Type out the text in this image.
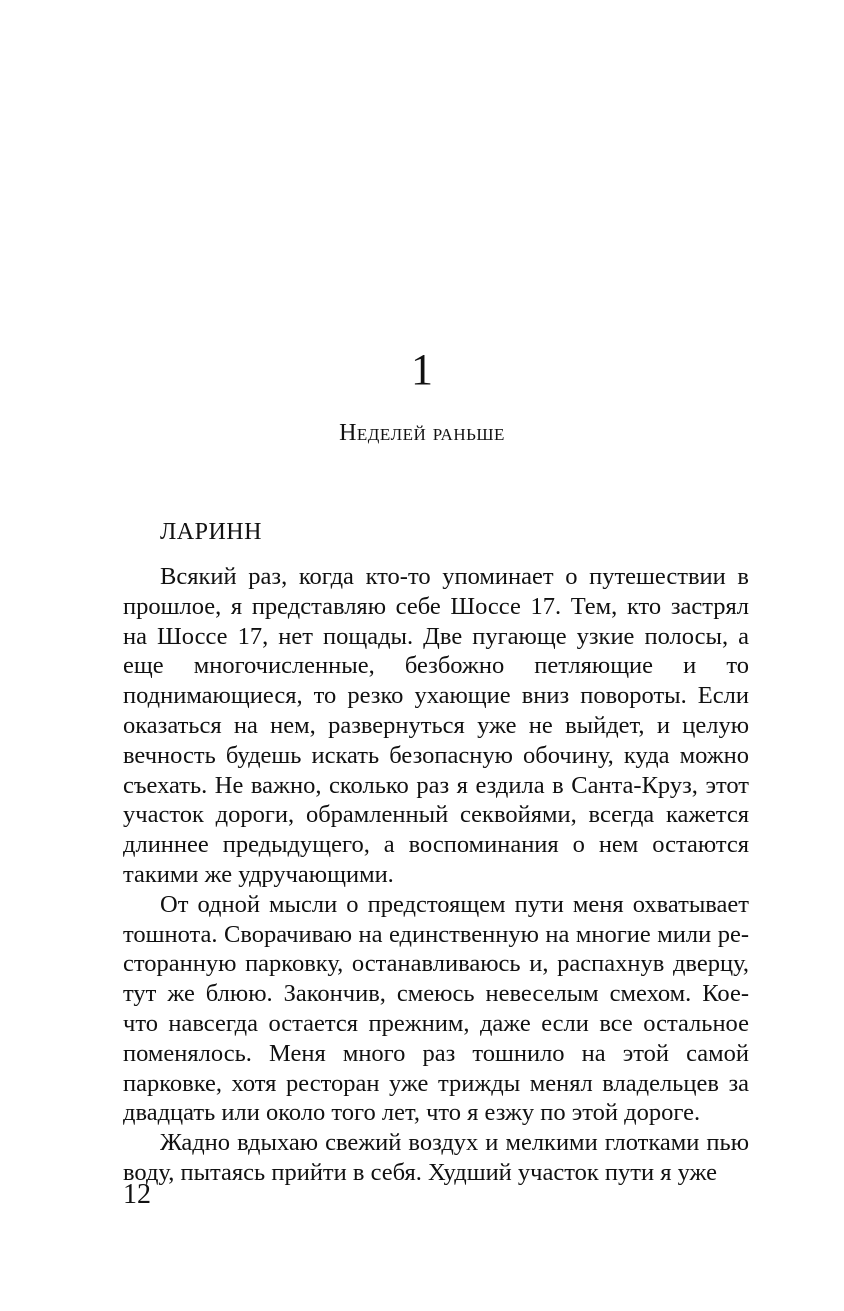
1
Неделей раньше
ЛАРИНН

Всякий раз, когда кто-то упоминает о путешествии в прошлое, я представляю себе Шоссе 17. Тем, кто застрял на Шоссе 17, нет пощады. Две пугающе узкие полосы, а еще многочисленные, безбожно петляющие и то поднимающиеся, то резко ухающие вниз повороты. Если оказаться на нем, развернуться уже не выйдет, и целую вечность будешь искать безопасную обочину, куда можно съехать. Не важно, сколько раз я ездила в Санта-Круз, этот участок дороги, обрамленный секвойями, всегда кажется длиннее предыдущего, а воспоминания о нем остаются такими же удручающими.

От одной мысли о предстоящем пути меня охватывает тошнота. Сворачиваю на единственную на многие мили ресторанную парковку, останавливаюсь и, распахнув дверцу, тут же блюю. Закончив, смеюсь невеселым смехом. Кое-что навсегда остается прежним, даже если все остальное поменялось. Меня много раз тошнило на этой самой парковке, хотя ресторан уже трижды менял владельцев за двадцать или около того лет, что я езжу по этой дороге.

Жадно вдыхаю свежий воздух и мелкими глотками пью воду, пытаясь прийти в себя. Худший участок пути я уже

12
